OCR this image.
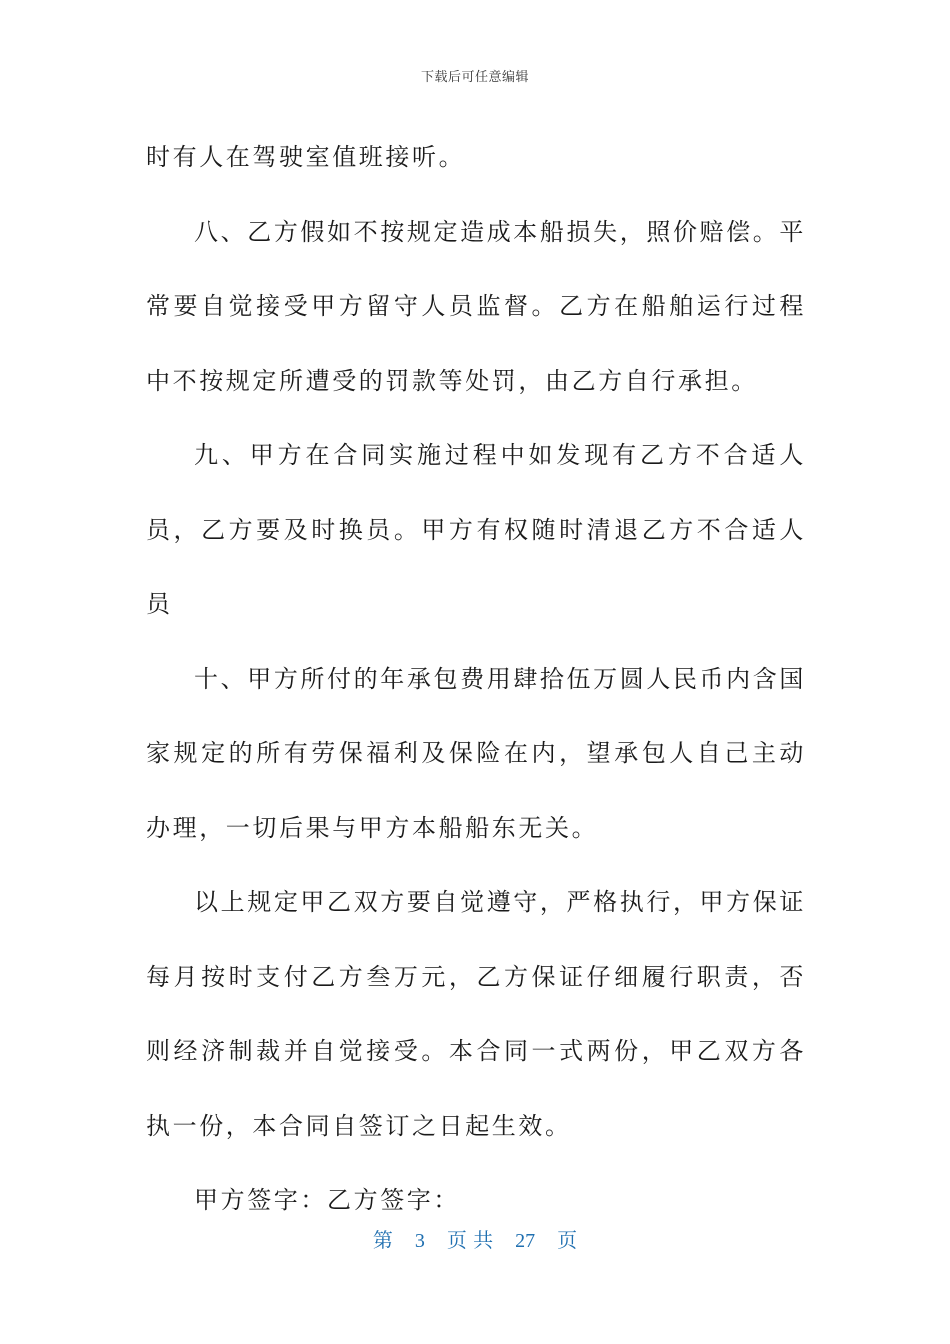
下载后可任意编辑

时有人在驾驶室值班接听。

八、乙方假如不按规定造成本船损失，照价赔偿。平常要自觉接受甲方留守人员监督。乙方在船舶运行过程中不按规定所遭受的罚款等处罚，由乙方自行承担。

九、甲方在合同实施过程中如发现有乙方不合适人员，乙方要及时换员。甲方有权随时清退乙方不合适人员

十、甲方所付的年承包费用肆拾伍万圆人民币内含国家规定的所有劳保福利及保险在内，望承包人自己主动办理，一切后果与甲方本船船东无关。

以上规定甲乙双方要自觉遵守，严格执行，甲方保证每月按时支付乙方叁万元，乙方保证仔细履行职责，否则经济制裁并自觉接受。本合同一式两份，甲乙双方各执一份，本合同自签订之日起生效。

甲方签字：乙方签字：

第 3 页 共 27 页
